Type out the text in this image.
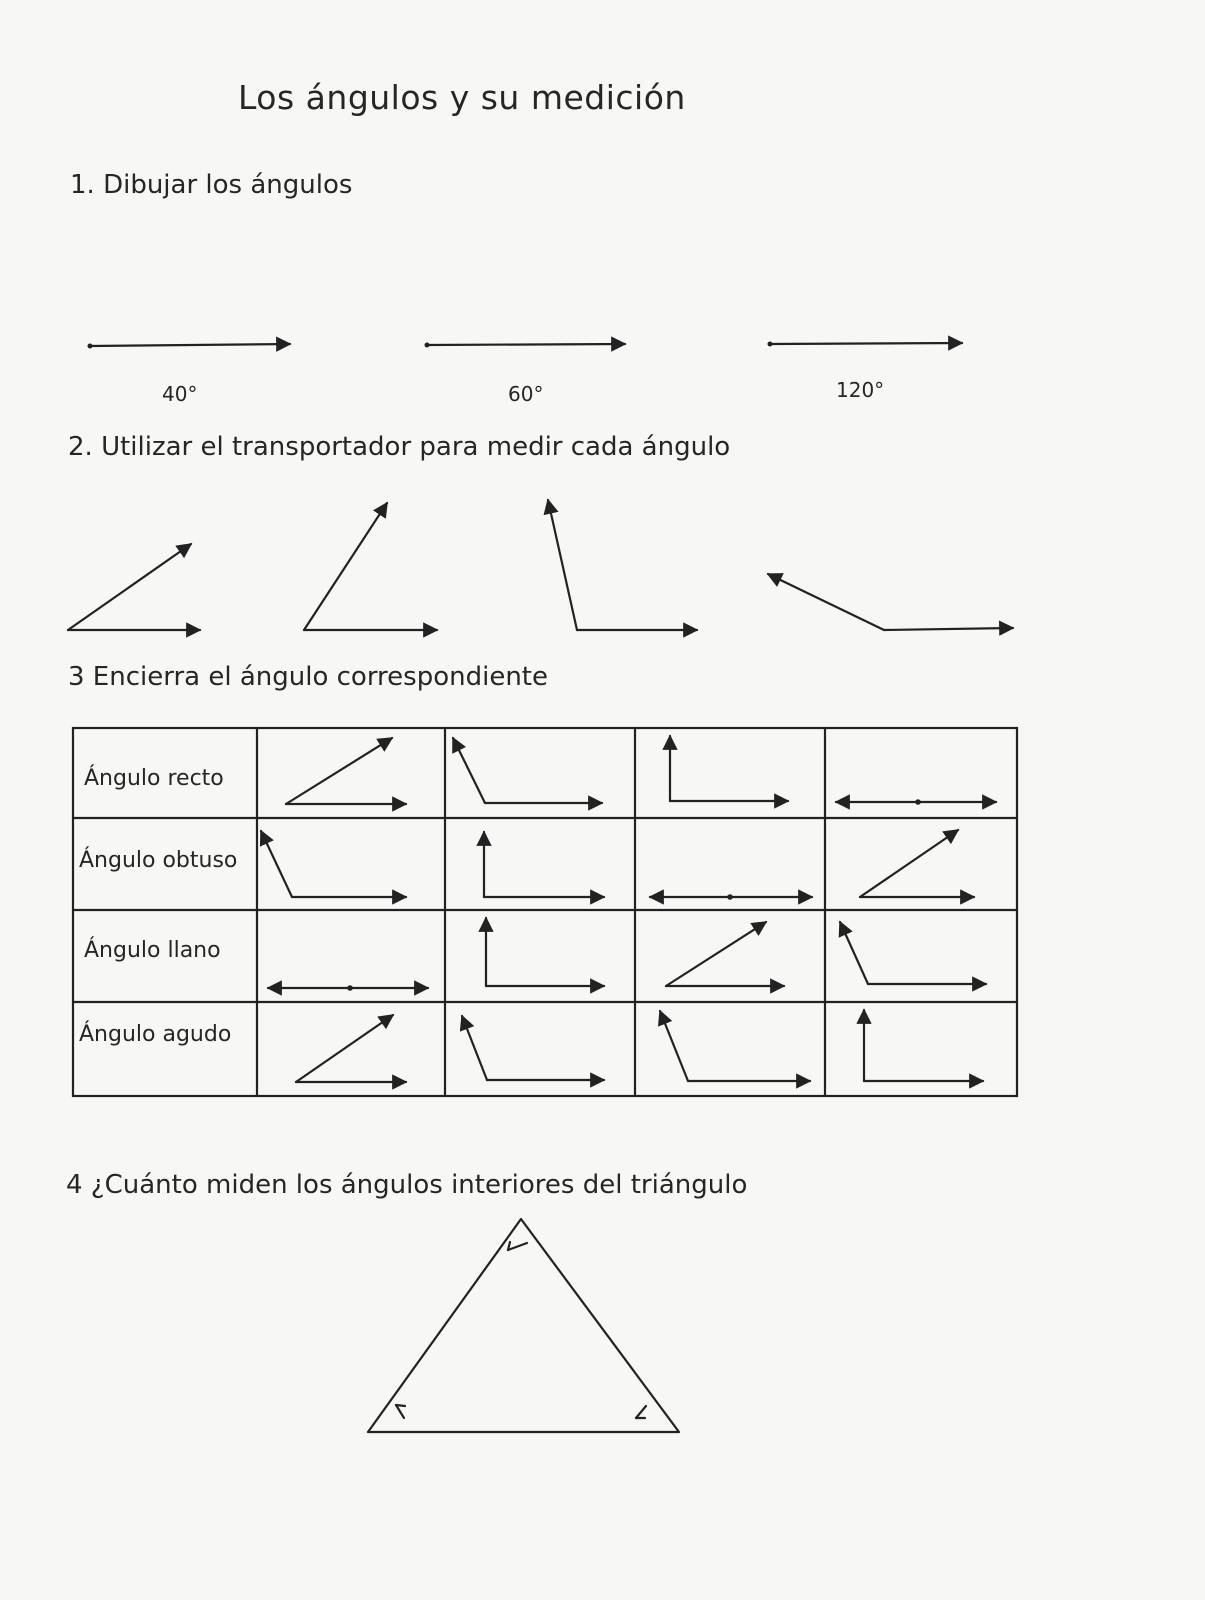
Los ángulos y su medición
1. Dibujar los ángulos
40°	60°	120°
2. Utilizar el transportador para medir cada ángulo
3 Encierra el ángulo correspondiente
Ángulo recto
Ángulo obtuso
Ángulo llano
Ángulo agudo
4 ¿Cuánto miden los ángulos interiores del triángulo
